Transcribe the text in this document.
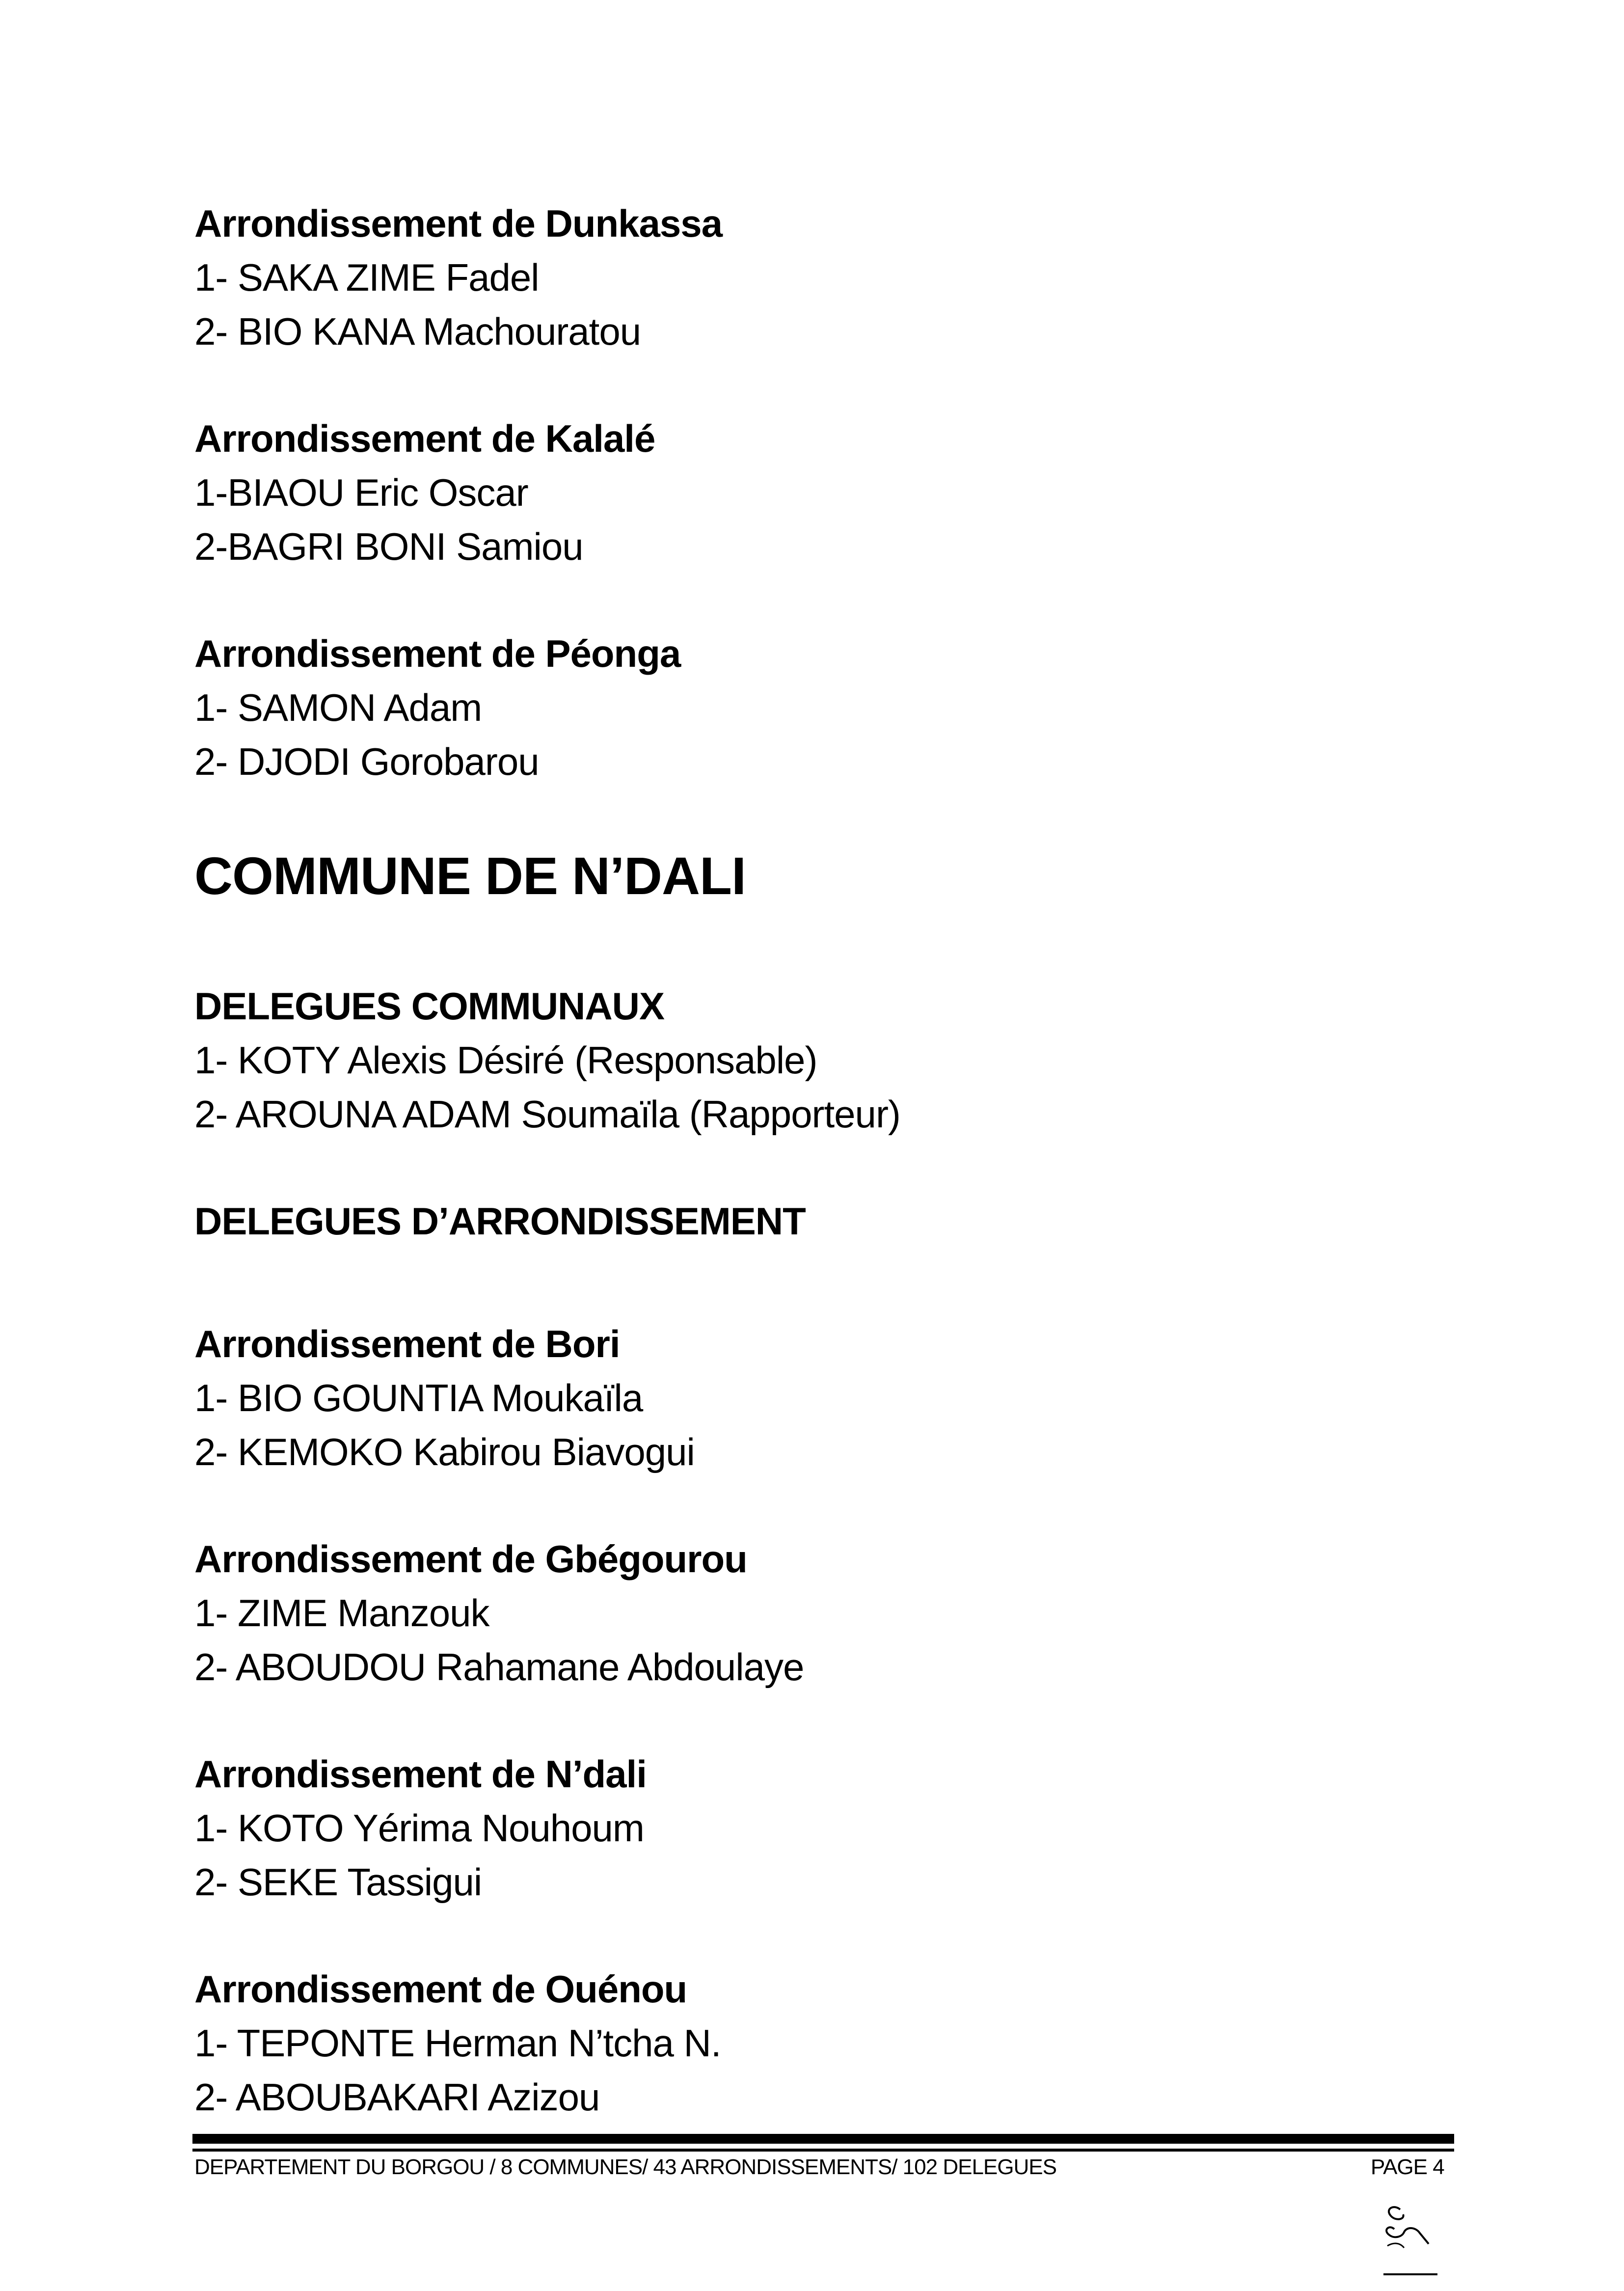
Arrondissement de Dunkassa

1- SAKA ZIME Fadel

2- BIO KANA Machouratou

Arrondissement de Kalalé

1-BIAOU Eric Oscar

2-BAGRI BONI Samiou

Arrondissement de Péonga

1- SAMON Adam

2- DJODI Gorobarou

COMMUNE DE N’DALI

DELEGUES COMMUNAUX

1- KOTY Alexis Désiré (Responsable)

2- AROUNA ADAM Soumaïla (Rapporteur)

DELEGUES D’ARRONDISSEMENT

Arrondissement de Bori

1- BIO GOUNTIA Moukaïla

2- KEMOKO Kabirou Biavogui

Arrondissement de Gbégourou

1- ZIME Manzouk

2- ABOUDOU Rahamane Abdoulaye

Arrondissement de N’dali

1- KOTO Yérima Nouhoum

2- SEKE Tassigui

Arrondissement de Ouénou

1- TEPONTE Herman N’tcha N.

2- ABOUBAKARI Azizou

DEPARTEMENT DU BORGOU / 8 COMMUNES/ 43 ARRONDISSEMENTS/ 102 DELEGUES	PAGE 4
